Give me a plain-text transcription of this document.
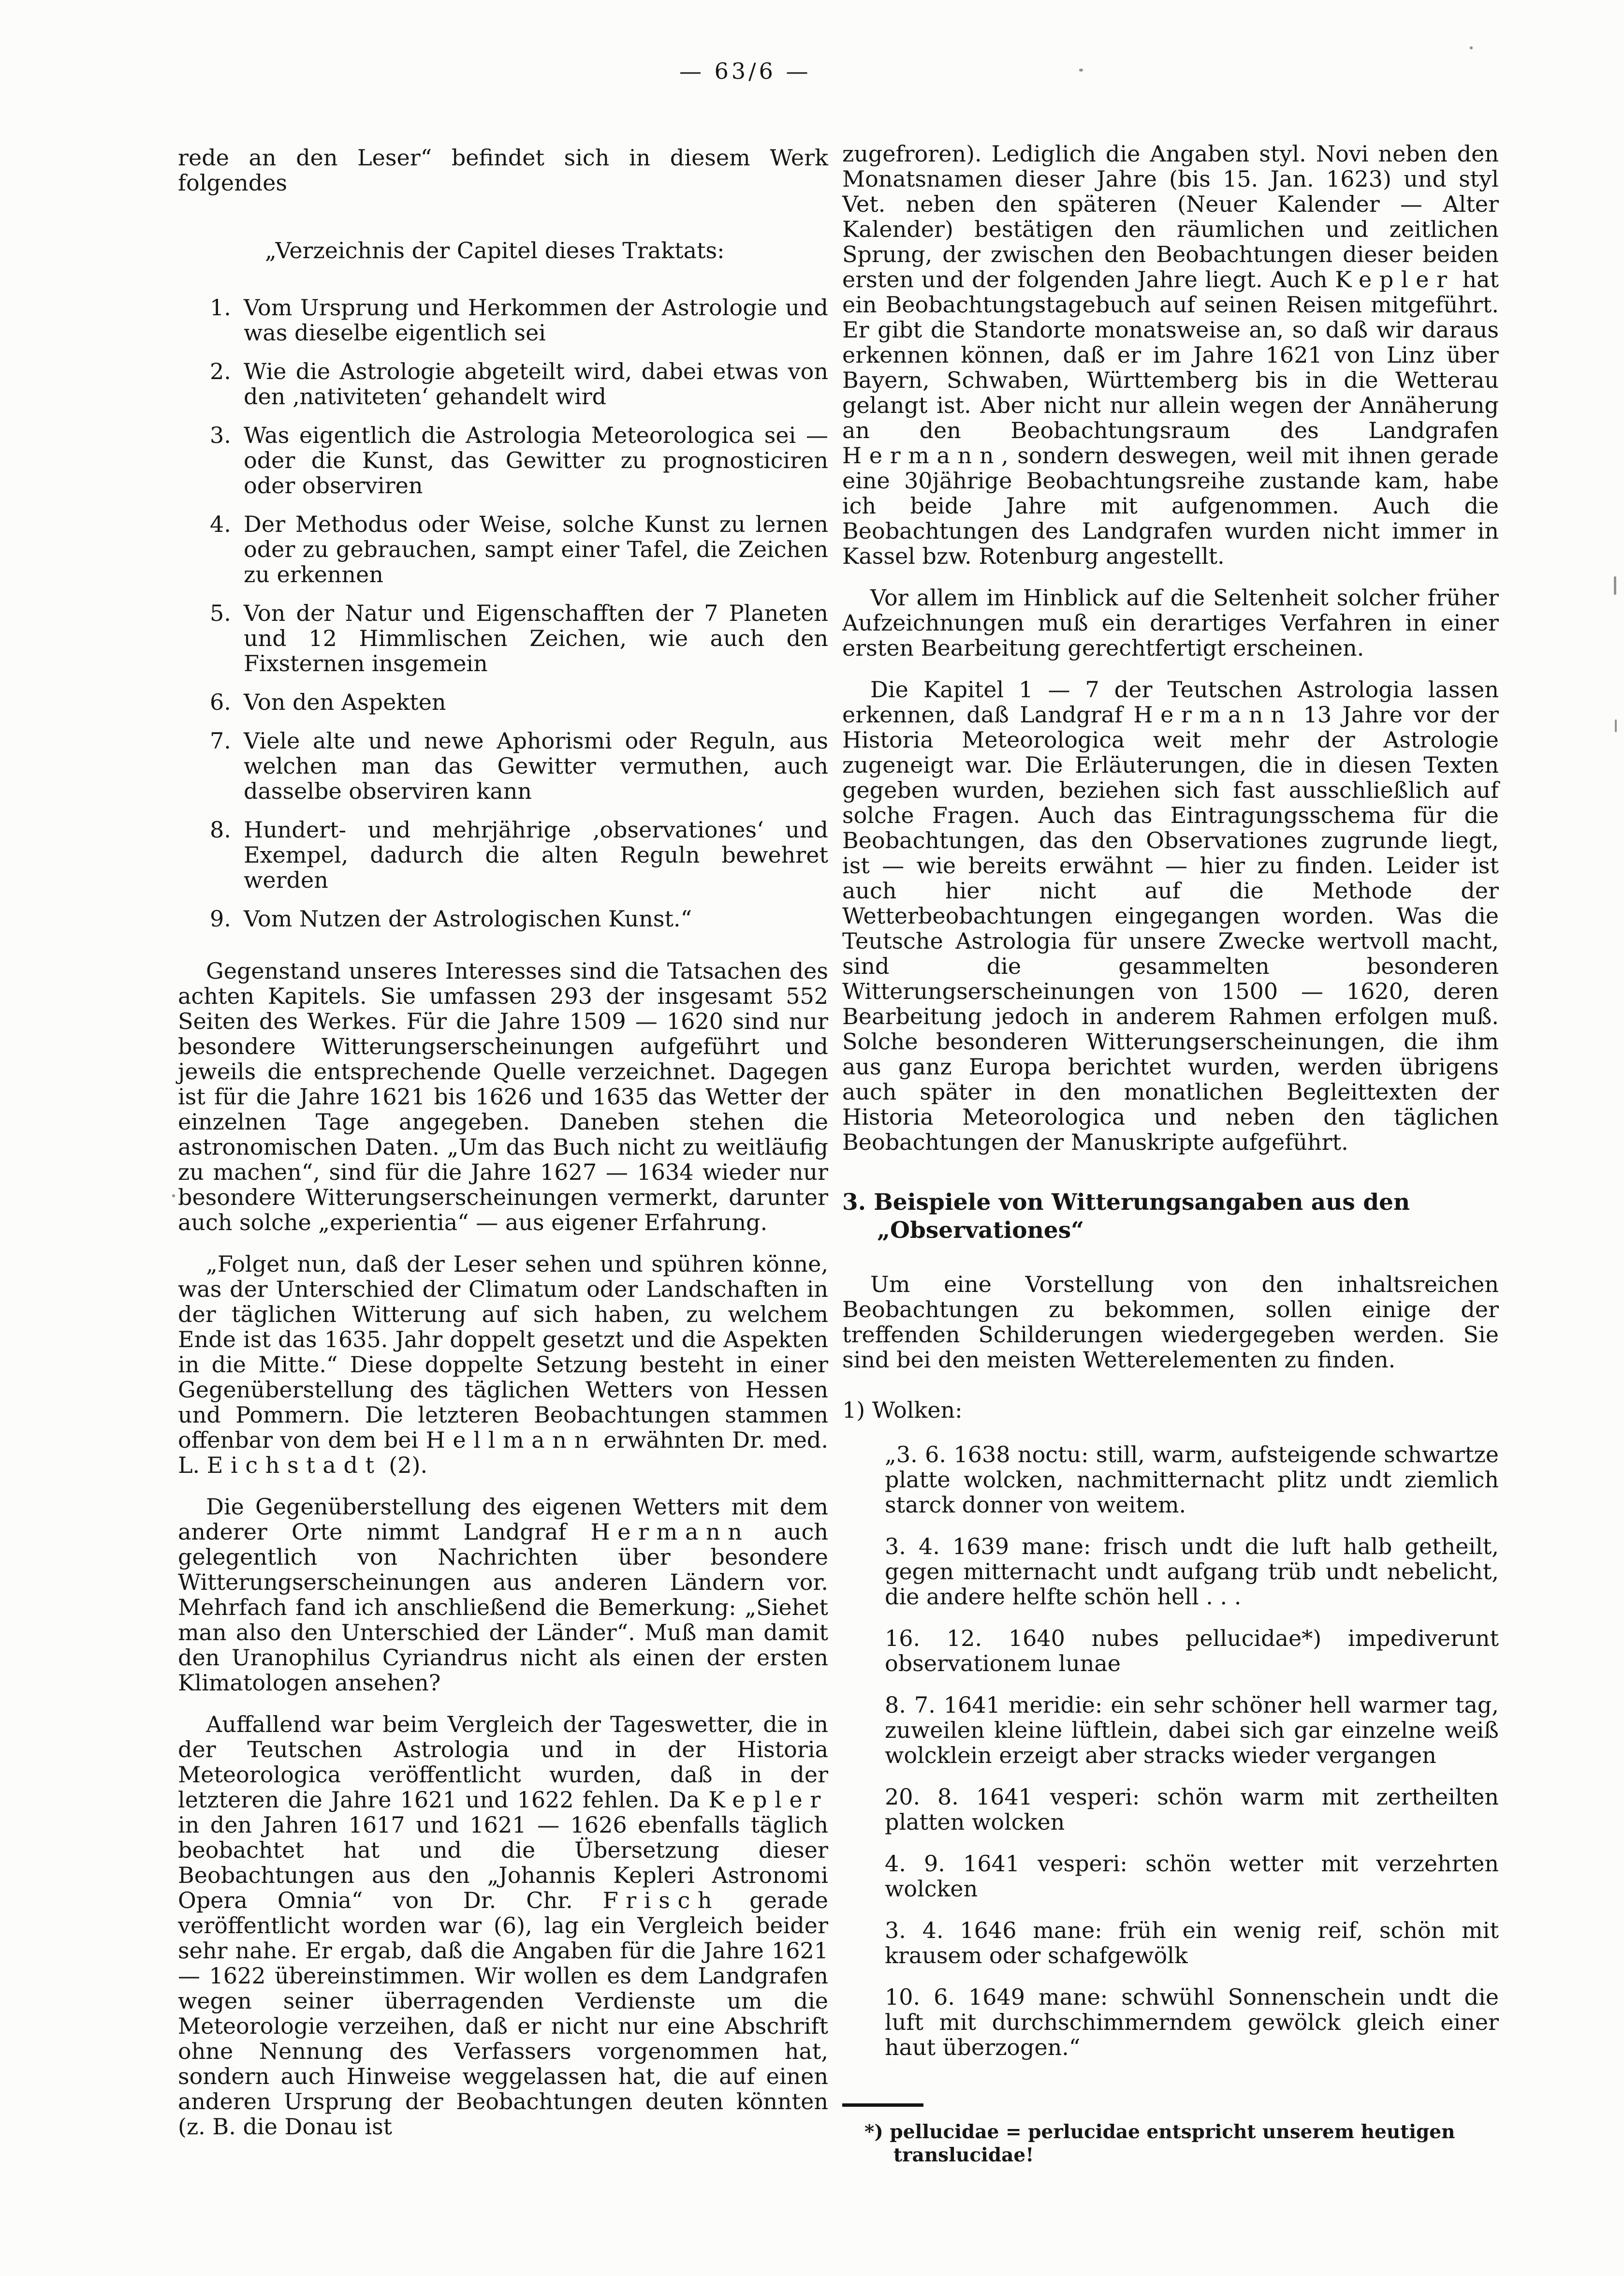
— 63/6 —

rede an den Leser“ befindet sich in diesem Werk folgendes

„Verzeichnis der Capitel dieses Traktats:

1. Vom Ursprung und Herkommen der Astrologie und was dieselbe eigentlich sei
2. Wie die Astrologie abgeteilt wird, dabei etwas von den ‚nativiteten‘ gehandelt wird
3. Was eigentlich die Astrologia Meteorologica sei — oder die Kunst, das Gewitter zu prognosticiren oder observiren
4. Der Methodus oder Weise, solche Kunst zu lernen oder zu gebrauchen, sampt einer Tafel, die Zeichen zu erkennen
5. Von der Natur und Eigenschafften der 7 Planeten und 12 Himmlischen Zeichen, wie auch den Fixsternen insgemein
6. Von den Aspekten
7. Viele alte und newe Aphorismi oder Reguln, aus welchen man das Gewitter vermuthen, auch dasselbe observiren kann
8. Hundert- und mehrjährige ‚observationes‘ und Exempel, dadurch die alten Reguln bewehret werden
9. Vom Nutzen der Astrologischen Kunst.“

Gegenstand unseres Interesses sind die Tatsachen des achten Kapitels. Sie umfassen 293 der insgesamt 552 Seiten des Werkes. Für die Jahre 1509 — 1620 sind nur besondere Witterungserscheinungen aufgeführt und jeweils die entsprechende Quelle verzeichnet. Dagegen ist für die Jahre 1621 bis 1626 und 1635 das Wetter der einzelnen Tage angegeben. Daneben stehen die astronomischen Daten. „Um das Buch nicht zu weitläufig zu machen“, sind für die Jahre 1627 — 1634 wieder nur besondere Witterungserscheinungen vermerkt, darunter auch solche „experientia“ — aus eigener Erfahrung.

„Folget nun, daß der Leser sehen und spühren könne, was der Unterschied der Climatum oder Landschaften in der täglichen Witterung auf sich haben, zu welchem Ende ist das 1635. Jahr doppelt gesetzt und die Aspekten in die Mitte.“ Diese doppelte Setzung besteht in einer Gegenüberstellung des täglichen Wetters von Hessen und Pommern. Die letzteren Beobachtungen stammen offenbar von dem bei Hellmann erwähnten Dr. med. L. Eichstadt (2).

Die Gegenüberstellung des eigenen Wetters mit dem anderer Orte nimmt Landgraf Hermann auch gelegentlich von Nachrichten über besondere Witterungserscheinungen aus anderen Ländern vor. Mehrfach fand ich anschließend die Bemerkung: „Siehet man also den Unterschied der Länder“. Muß man damit den Uranophilus Cyriandrus nicht als einen der ersten Klimatologen ansehen?

Auffallend war beim Vergleich der Tageswetter, die in der Teutschen Astrologia und in der Historia Meteorologica veröffentlicht wurden, daß in der letzteren die Jahre 1621 und 1622 fehlen. Da Kepler in den Jahren 1617 und 1621 — 1626 ebenfalls täglich beobachtet hat und die Übersetzung dieser Beobachtungen aus den „Johannis Kepleri Astronomi Opera Omnia“ von Dr. Chr. Frisch gerade veröffentlicht worden war (6), lag ein Vergleich beider sehr nahe. Er ergab, daß die Angaben für die Jahre 1621 — 1622 übereinstimmen. Wir wollen es dem Landgrafen wegen seiner überragenden Verdienste um die Meteorologie verzeihen, daß er nicht nur eine Abschrift ohne Nennung des Verfassers vorgenommen hat, sondern auch Hinweise weggelassen hat, die auf einen anderen Ursprung der Beobachtungen deuten könnten (z. B. die Donau ist

zugefroren). Lediglich die Angaben styl. Novi neben den Monatsnamen dieser Jahre (bis 15. Jan. 1623) und styl Vet. neben den späteren (Neuer Kalender — Alter Kalender) bestätigen den räumlichen und zeitlichen Sprung, der zwischen den Beobachtungen dieser beiden ersten und der folgenden Jahre liegt. Auch Kepler hat ein Beobachtungstagebuch auf seinen Reisen mitgeführt. Er gibt die Standorte monatsweise an, so daß wir daraus erkennen können, daß er im Jahre 1621 von Linz über Bayern, Schwaben, Württemberg bis in die Wetterau gelangt ist. Aber nicht nur allein wegen der Annäherung an den Beobachtungsraum des Landgrafen Hermann, sondern deswegen, weil mit ihnen gerade eine 30jährige Beobachtungsreihe zustande kam, habe ich beide Jahre mit aufgenommen. Auch die Beobachtungen des Landgrafen wurden nicht immer in Kassel bzw. Rotenburg angestellt.

Vor allem im Hinblick auf die Seltenheit solcher früher Aufzeichnungen muß ein derartiges Verfahren in einer ersten Bearbeitung gerechtfertigt erscheinen.

Die Kapitel 1 — 7 der Teutschen Astrologia lassen erkennen, daß Landgraf Hermann 13 Jahre vor der Historia Meteorologica weit mehr der Astrologie zugeneigt war. Die Erläuterungen, die in diesen Texten gegeben wurden, beziehen sich fast ausschließlich auf solche Fragen. Auch das Eintragungsschema für die Beobachtungen, das den Observationes zugrunde liegt, ist — wie bereits erwähnt — hier zu finden. Leider ist auch hier nicht auf die Methode der Wetterbeobachtungen eingegangen worden. Was die Teutsche Astrologia für unsere Zwecke wertvoll macht, sind die gesammelten besonderen Witterungserscheinungen von 1500 — 1620, deren Bearbeitung jedoch in anderem Rahmen erfolgen muß. Solche besonderen Witterungserscheinungen, die ihm aus ganz Europa berichtet wurden, werden übrigens auch später in den monatlichen Begleittexten der Historia Meteorologica und neben den täglichen Beobachtungen der Manuskripte aufgeführt.

3. Beispiele von Witterungsangaben aus den
„Observationes“

Um eine Vorstellung von den inhaltsreichen Beobachtungen zu bekommen, sollen einige der treffenden Schilderungen wiedergegeben werden. Sie sind bei den meisten Wetterelementen zu finden.

1) Wolken:

„3. 6. 1638 noctu: still, warm, aufsteigende schwartze platte wolcken, nachmitternacht plitz undt ziemlich starck donner von weitem.

3. 4. 1639 mane: frisch undt die luft halb getheilt, gegen mitternacht undt aufgang trüb undt nebelicht, die andere helfte schön hell . . .

16. 12. 1640 nubes pellucidae*) impediverunt observationem lunae

8. 7. 1641 meridie: ein sehr schöner hell warmer tag, zuweilen kleine lüftlein, dabei sich gar einzelne weiß wolcklein erzeigt aber stracks wieder vergangen

20. 8. 1641 vesperi: schön warm mit zertheilten platten wolcken

4. 9. 1641 vesperi: schön wetter mit verzehrten wolcken

3. 4. 1646 mane: früh ein wenig reif, schön mit krausem oder schafgewölk

10. 6. 1649 mane: schwühl Sonnenschein undt die luft mit durchschimmerndem gewölck gleich einer haut überzogen.“

*) pellucidae = perlucidae entspricht unserem heutigen translucidae!
